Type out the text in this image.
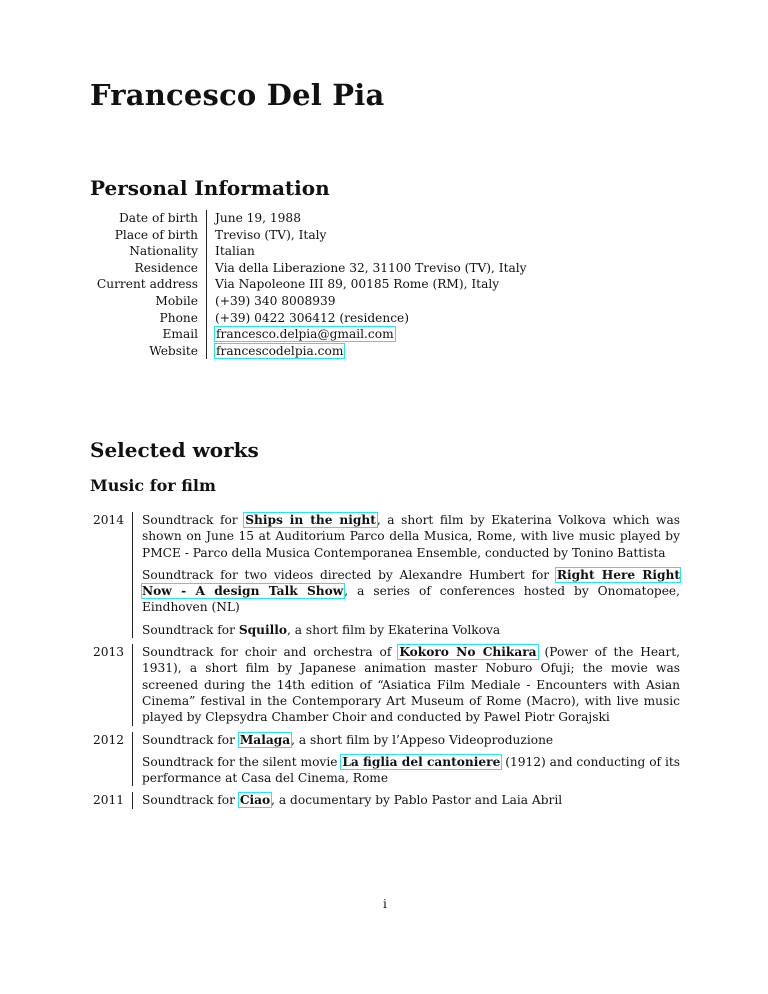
Francesco Del Pia
Personal Information
Date of birth	June 19, 1988
Place of birth	Treviso (TV), Italy
Nationality	Italian
Residence	Via della Liberazione 32, 31100 Treviso (TV), Italy
Current address	Via Napoleone III 89, 00185 Rome (RM), Italy
Mobile	(+39) 340 8008939
Phone	(+39) 0422 306412 (residence)
Email	francesco.delpia@gmail.com
Website	francescodelpia.com
Selected works
Music for film
2014	Soundtrack for Ships in the night, a short film by Ekaterina Volkova which was shown on June 15 at Auditorium Parco della Musica, Rome, with live music played by PMCE - Parco della Musica Contemporanea Ensemble, conducted by Tonino Battista
Soundtrack for two videos directed by Alexandre Humbert for Right Here Right Now - A design Talk Show, a series of conferences hosted by Onomatopee, Eindhoven (NL)
Soundtrack for Squillo, a short film by Ekaterina Volkova
2013	Soundtrack for choir and orchestra of Kokoro No Chikara (Power of the Heart, 1931), a short film by Japanese animation master Noburo Ofuji; the movie was screened during the 14th edition of “Asiatica Film Mediale - Encounters with Asian Cinema” festival in the Contemporary Art Museum of Rome (Macro), with live music played by Clepsydra Chamber Choir and conducted by Pawel Piotr Gorajski
2012	Soundtrack for Malaga, a short film by l’Appeso Videoproduzione
Soundtrack for the silent movie La figlia del cantoniere (1912) and conducting of its performance at Casa del Cinema, Rome
2011	Soundtrack for Ciao, a documentary by Pablo Pastor and Laia Abril
i
